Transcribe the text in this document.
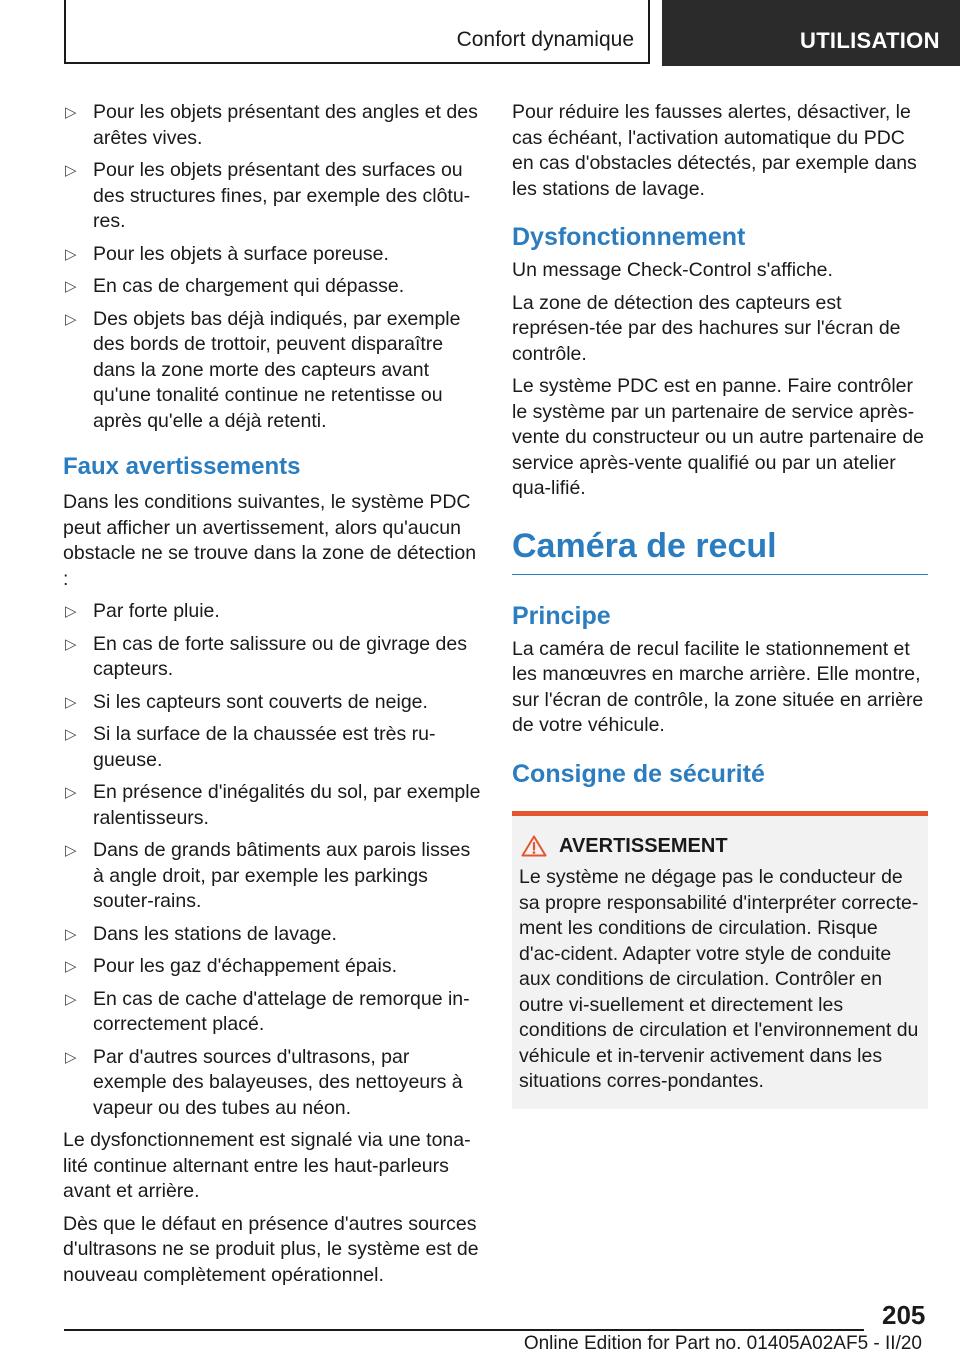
Confort dynamique	UTILISATION
▷ Pour les objets présentant des angles et des arêtes vives.
▷ Pour les objets présentant des surfaces ou des structures fines, par exemple des clôtu‐res.
▷ Pour les objets à surface poreuse.
▷ En cas de chargement qui dépasse.
▷ Des objets bas déjà indiqués, par exemple des bords de trottoir, peuvent disparaître dans la zone morte des capteurs avant qu'une tonalité continue ne retentisse ou après qu'elle a déjà retenti.
Faux avertissements

Dans les conditions suivantes, le système PDC peut afficher un avertissement, alors qu'aucun obstacle ne se trouve dans la zone de détection :

▷ Par forte pluie.
▷ En cas de forte salissure ou de givrage des capteurs.
▷ Si les capteurs sont couverts de neige.
▷ Si la surface de la chaussée est très ru‐gueuse.
▷ En présence d'inégalités du sol, par exemple ralentisseurs.
▷ Dans de grands bâtiments aux parois lisses à angle droit, par exemple les parkings souter‐rains.
▷ Dans les stations de lavage.
▷ Pour les gaz d'échappement épais.
▷ En cas de cache d'attelage de remorque in‐correctement placé.
▷ Par d'autres sources d'ultrasons, par exemple des balayeuses, des nettoyeurs à vapeur ou des tubes au néon.

Le dysfonctionnement est signalé via une tona‐lité continue alternant entre les haut-parleurs avant et arrière.

Dès que le défaut en présence d'autres sources d'ultrasons ne se produit plus, le système est de nouveau complètement opérationnel.

Pour réduire les fausses alertes, désactiver, le cas échéant, l'activation automatique du PDC en cas d'obstacles détectés, par exemple dans les stations de lavage.

Dysfonctionnement

Un message Check-Control s'affiche.

La zone de détection des capteurs est représen‐tée par des hachures sur l'écran de contrôle.

Le système PDC est en panne. Faire contrôler le système par un partenaire de service après-vente du constructeur ou un autre partenaire de service après-vente qualifié ou par un atelier qua‐lifié.

Caméra de recul
Principe

La caméra de recul facilite le stationnement et les manœuvres en marche arrière. Elle montre, sur l'écran de contrôle, la zone située en arrière de votre véhicule.

Consigne de sécurité
AVERTISSEMENT
Le système ne dégage pas le conducteur de sa propre responsabilité d'interpréter correcte‐ment les conditions de circulation. Risque d'ac‐cident. Adapter votre style de conduite aux conditions de circulation. Contrôler en outre vi‐suellement et directement les conditions de circulation et l'environnement du véhicule et in‐tervenir activement dans les situations corres‐pondantes.
205
Online Edition for Part no. 01405A02AF5 - II/20
